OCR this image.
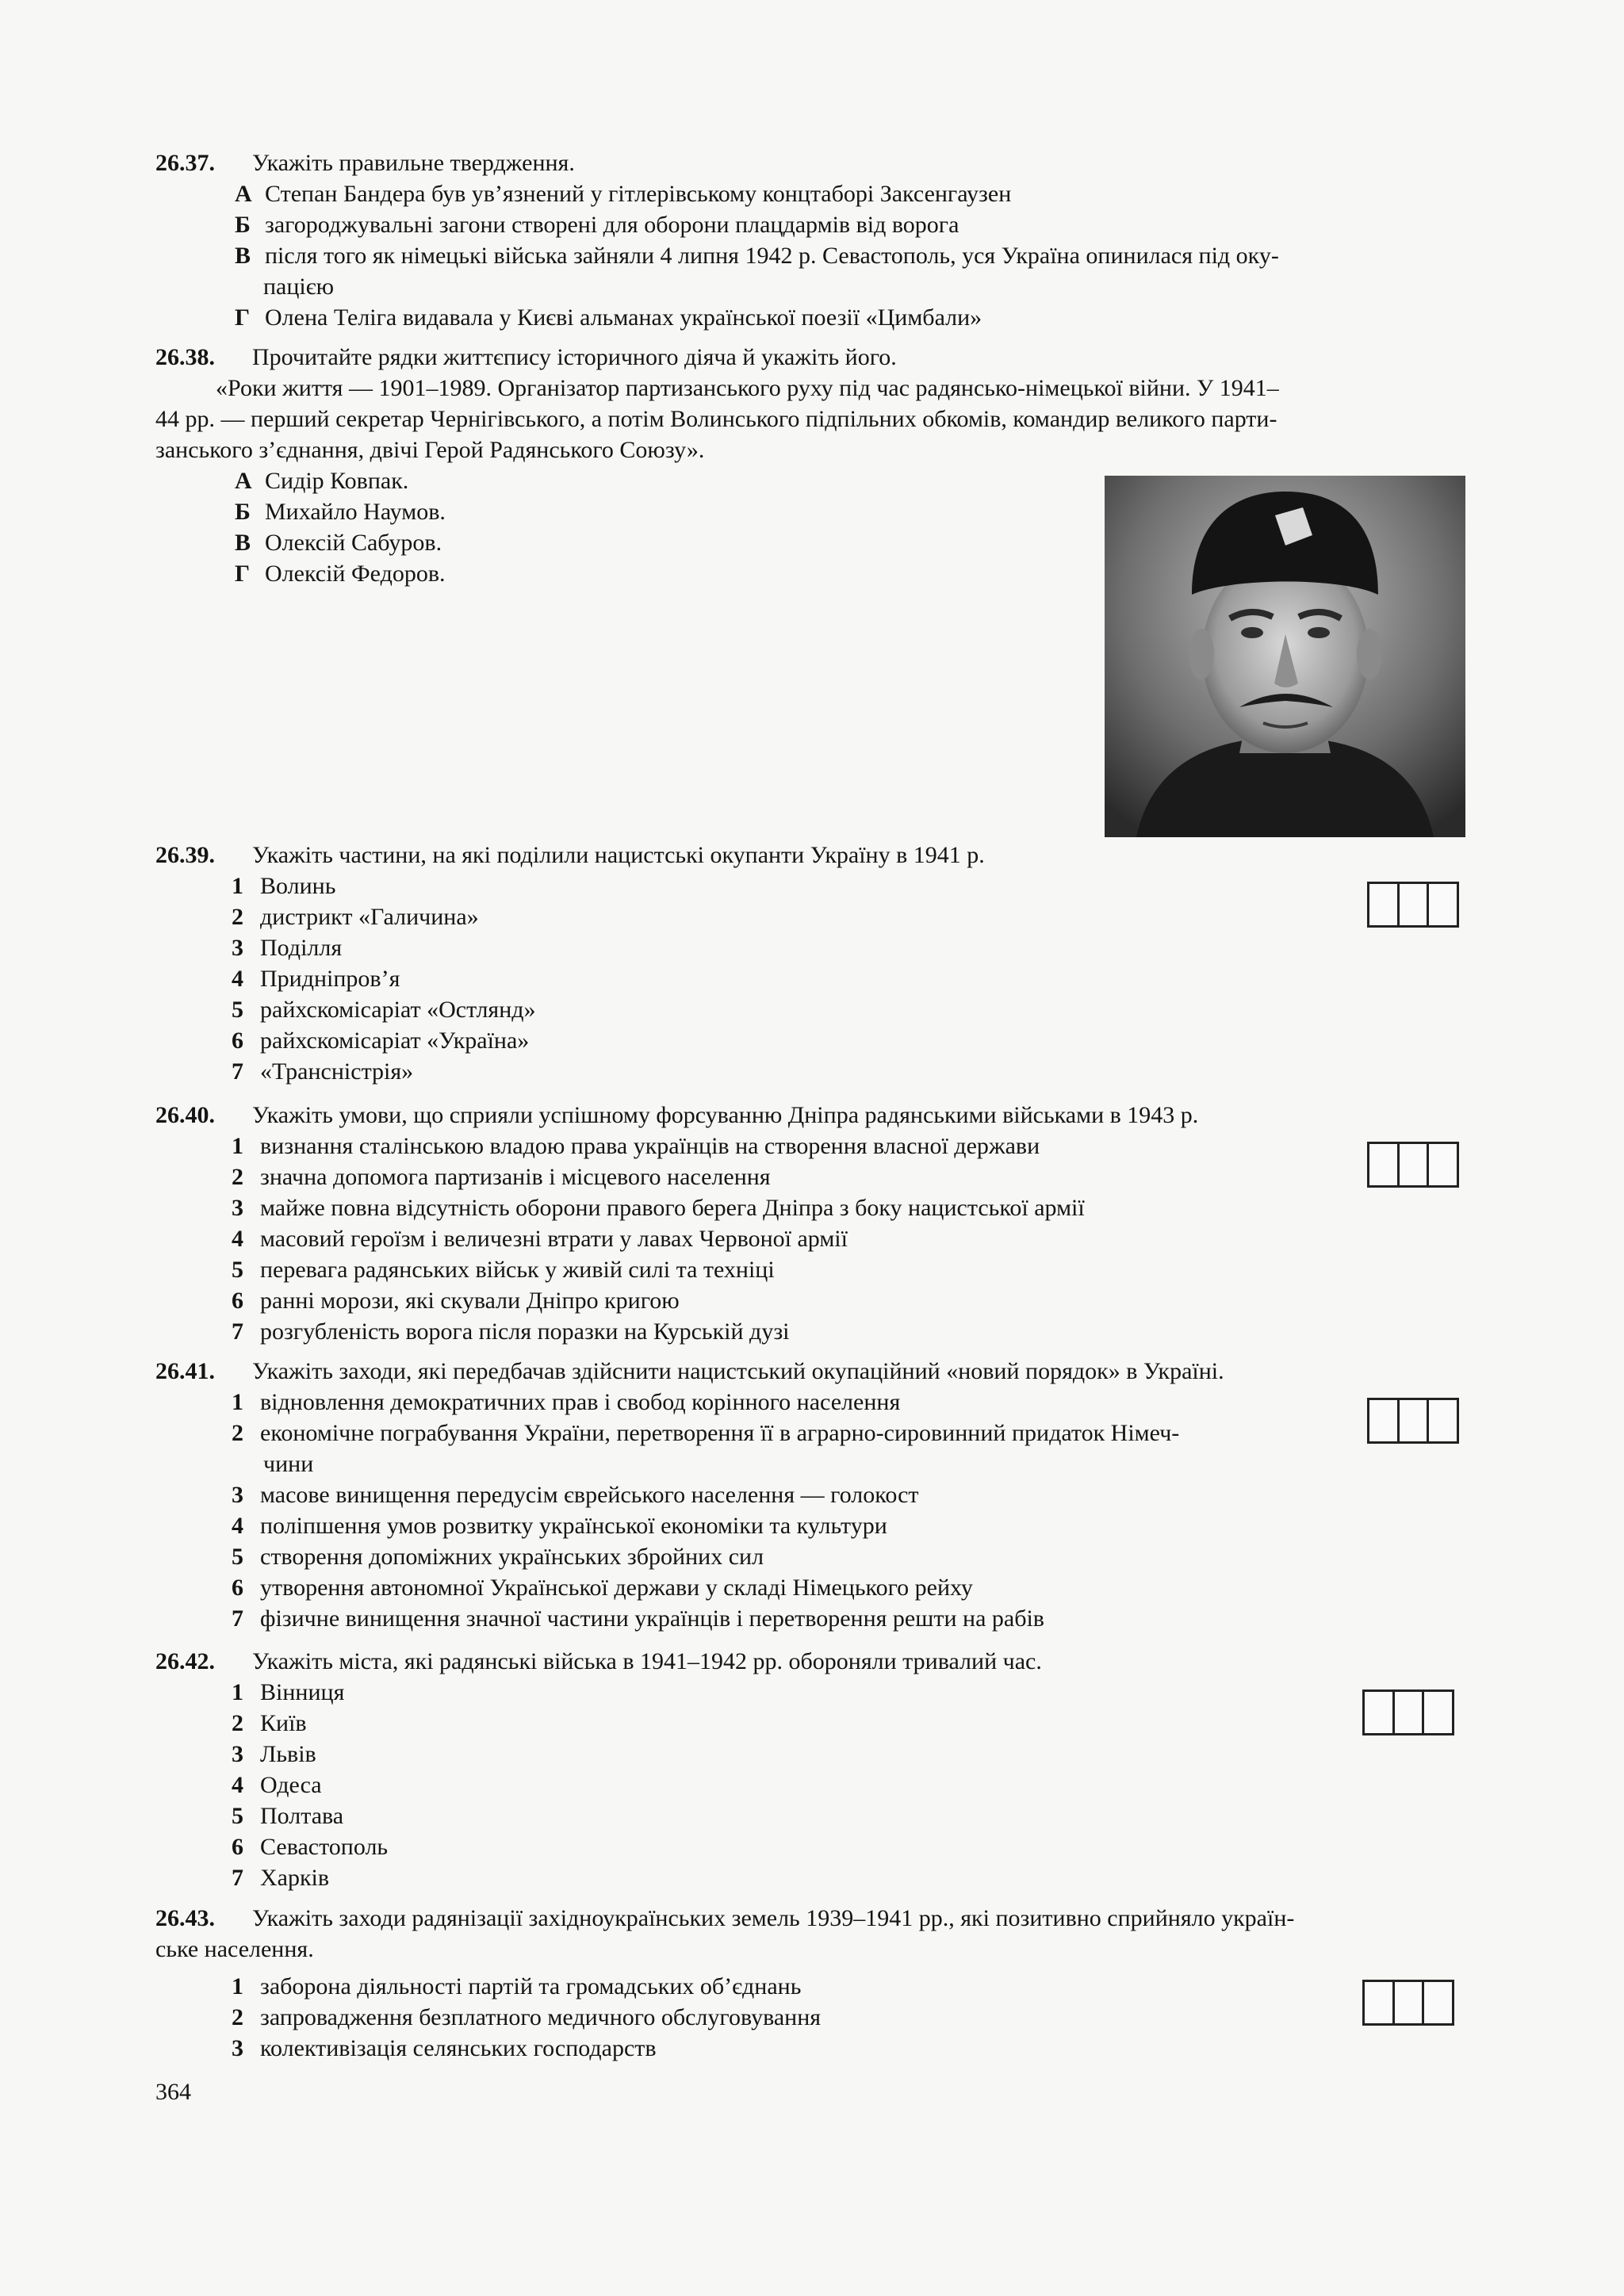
26.37. Укажіть правильне твердження.
А Степан Бандера був ув’язнений у гітлерівському концтаборі Заксенгаузен
Б загороджувальні загони створені для оборони плацдармів від ворога
В після того як німецькі війська зайняли 4 липня 1942 р. Севастополь, уся Україна опинилася під оку-
пацією
Г Олена Теліга видавала у Києві альманах української поезії «Цимбали»
26.38. Прочитайте рядки життєпису історичного діяча й укажіть його.
«Роки життя — 1901–1989. Організатор партизанського руху під час радянсько-німецької війни. У 1941–
44 рр. — перший секретар Чернігівського, а потім Волинського підпільних обкомів, командир великого парти-
занського з’єднання, двічі Герой Радянського Союзу».
А Сидір Ковпак.
Б Михайло Наумов.
В Олексій Сабуров.
Г Олексій Федоров.
26.39. Укажіть частини, на які поділили нацистські окупанти Україну в 1941 р.
1 Волинь
2 дистрикт «Галичина»
3 Поділля
4 Придніпров’я
5 райхскомісаріат «Остлянд»
6 райхскомісаріат «Україна»
7 «Трансністрія»
26.40. Укажіть умови, що сприяли успішному форсуванню Дніпра радянськими військами в 1943 р.
1 визнання сталінською владою права українців на створення власної держави
2 значна допомога партизанів і місцевого населення
3 майже повна відсутність оборони правого берега Дніпра з боку нацистської армії
4 масовий героїзм і величезні втрати у лавах Червоної армії
5 перевага радянських військ у живій силі та техніці
6 ранні морози, які скували Дніпро кригою
7 розгубленість ворога після поразки на Курській дузі
26.41. Укажіть заходи, які передбачав здійснити нацистський окупаційний «новий порядок» в Україні.
1 відновлення демократичних прав і свобод корінного населення
2 економічне пограбування України, перетворення її в аграрно-сировинний придаток Німеч-
чини
3 масове винищення передусім єврейського населення — голокост
4 поліпшення умов розвитку української економіки та культури
5 створення допоміжних українських збройних сил
6 утворення автономної Української держави у складі Німецького рейху
7 фізичне винищення значної частини українців і перетворення решти на рабів
26.42. Укажіть міста, які радянські війська в 1941–1942 рр. обороняли тривалий час.
1 Вінниця
2 Київ
3 Львів
4 Одеса
5 Полтава
6 Севастополь
7 Харків
26.43. Укажіть заходи радянізації західноукраїнських земель 1939–1941 рр., які позитивно сприйняло україн-
ське населення.
1 заборона діяльності партій та громадських об’єднань
2 запровадження безплатного медичного обслуговування
3 колективізація селянських господарств
364
